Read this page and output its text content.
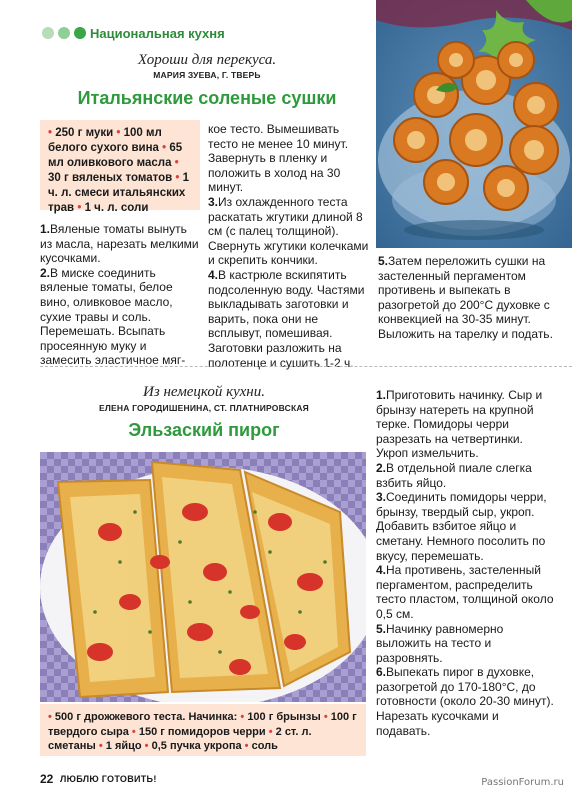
Национальная кухня
Хороши для перекуса.
МАРИЯ ЗУЕВА, Г. ТВЕРЬ
Итальянские соленые сушки
• 250 г муки • 100 мл белого сухого вина • 65 мл оливкового масла • 30 г вяленых томатов • 1 ч. л. смеси итальянских трав • 1 ч. л. соли

1.Вяленые томаты вынуть из масла, нарезать мелкими кусочками.

2.В миске соединить вяленые томаты, белое вино, оливковое масло, сухие травы и соль. Перемешать. Всыпать просеянную муку и замесить эластичное мяг-

кое тесто. Вымешивать тесто не менее 10 минут. Завернуть в пленку и положить в холод на 30 минут.

3.Из охлажденного теста раскатать жгутики длиной 8 см (с палец толщиной). Свернуть жгутики колечками и скрепить кончики.

4.В кастрюле вскипятить подсоленную воду. Частями выкладывать заготовки и варить, пока они не всплывут, помешивая. Заготовки разложить на полотенце и сушить 1-2 ч.

5.Затем переложить сушки на застеленный пергаментом противень и выпекать в разогретой до 200°С духовке с конвекцией на 30-35 минут. Выложить на тарелку и подать.

Из немецкой кухни.
ЕЛЕНА ГОРОДИШЕНИНА, СТ. ПЛАТНИРОВСКАЯ
Эльзаский пирог
• 500 г дрожжевого теста. Начинка: • 100 г брынзы • 100 г твердого сыра • 150 г помидоров черри • 2 ст. л. сметаны • 1 яйцо • 0,5 пучка укропа • соль

1.Приготовить начинку. Сыр и брынзу натереть на крупной терке. Помидоры черри разрезать на четвертинки. Укроп измельчить.

2.В отдельной пиале слегка взбить яйцо.

3.Соединить помидоры черри, брынзу, твердый сыр, укроп. Добавить взбитое яйцо и сметану. Немного посолить по вкусу, перемешать.

4.На противень, застеленный пергаментом, распределить тесто пластом, толщиной около 0,5 см.

5.Начинку равномерно выложить на тесто и разровнять.

6.Выпекать пирог в духовке, разогретой до 170-180°С, до готовности (около 20-30 минут). Нарезать кусочками и подавать.

22 ЛЮБЛЮ ГОТОВИТЬ!	PassionForum.ru
